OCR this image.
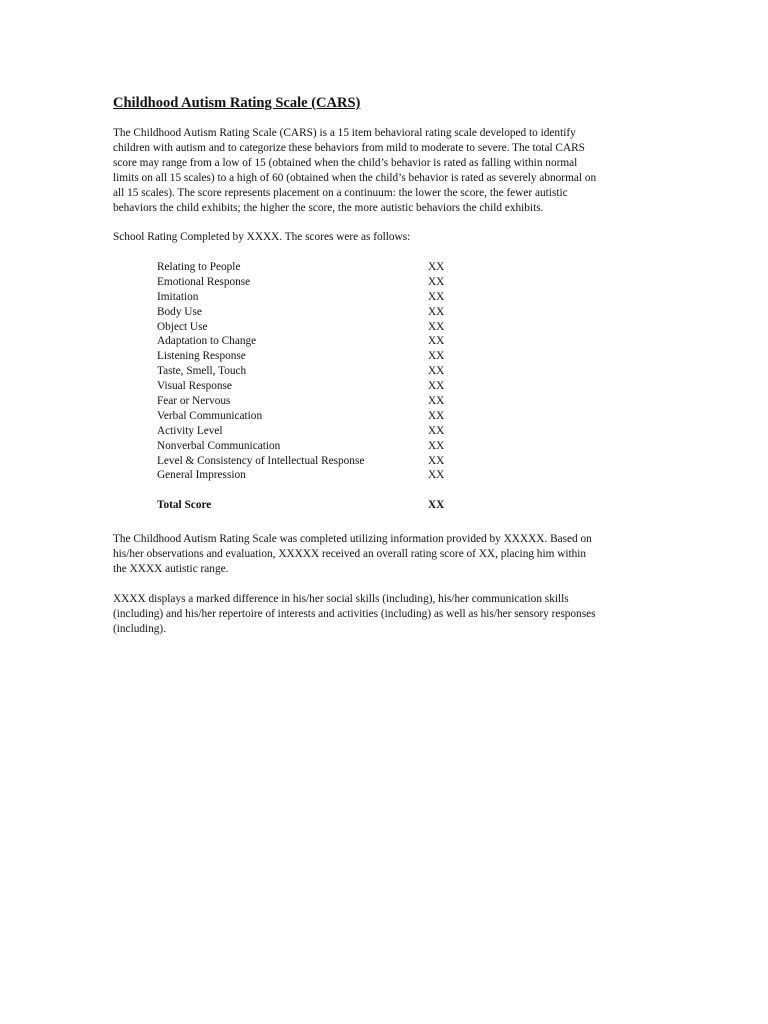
Childhood Autism Rating Scale (CARS)

The Childhood Autism Rating Scale (CARS) is a 15 item behavioral rating scale developed to identify
children with autism and to categorize these behaviors from mild to moderate to severe. The total CARS
score may range from a low of 15 (obtained when the child’s behavior is rated as falling within normal
limits on all 15 scales) to a high of 60 (obtained when the child’s behavior is rated as severely abnormal on
all 15 scales). The score represents placement on a continuum: the lower the score, the fewer autistic
behaviors the child exhibits; the higher the score, the more autistic behaviors the child exhibits.

School Rating Completed by XXXX. The scores were as follows:

Relating to People	XX
Emotional Response	XX
Imitation	XX
Body Use	XX
Object Use	XX
Adaptation to Change	XX
Listening Response	XX
Taste, Smell, Touch	XX
Visual Response	XX
Fear or Nervous	XX
Verbal Communication	XX
Activity Level	XX
Nonverbal Communication	XX
Level & Consistency of Intellectual Response	XX
General Impression	XX
Total Score	XX

The Childhood Autism Rating Scale was completed utilizing information provided by XXXXX. Based on
his/her observations and evaluation, XXXXX received an overall rating score of XX, placing him within
the XXXX autistic range.

XXXX displays a marked difference in his/her social skills (including), his/her communication skills
(including) and his/her repertoire of interests and activities (including) as well as his/her sensory responses
(including).
